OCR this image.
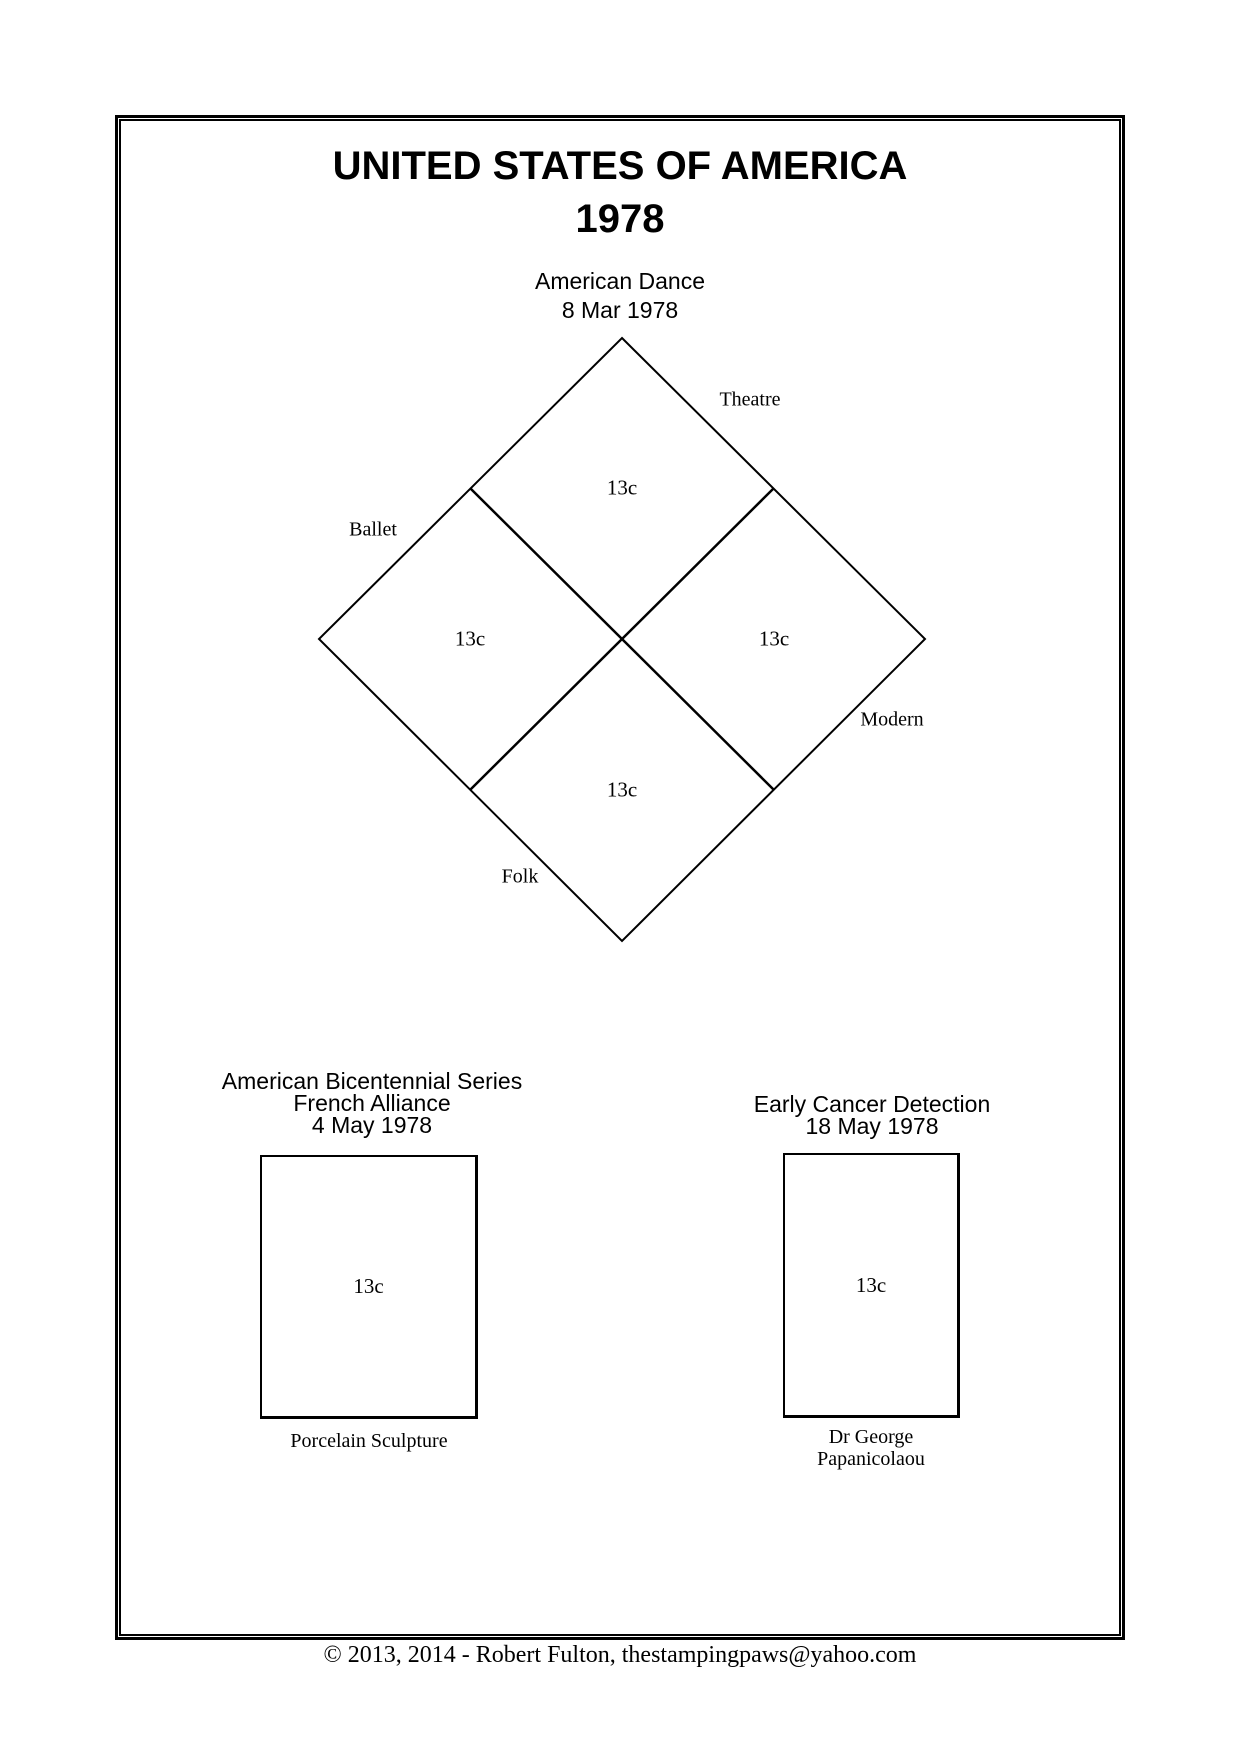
UNITED STATES OF AMERICA
1978
American Dance
8 Mar 1978
13c
13c	13c
13c
Theatre
Ballet
Modern
Folk
American Bicentennial Series
French Alliance
4 May 1978
13c
Porcelain Sculpture
Early Cancer Detection
18 May 1978
13c
Dr George
Papanicolaou
© 2013, 2014 - Robert Fulton, thestampingpaws@yahoo.com
